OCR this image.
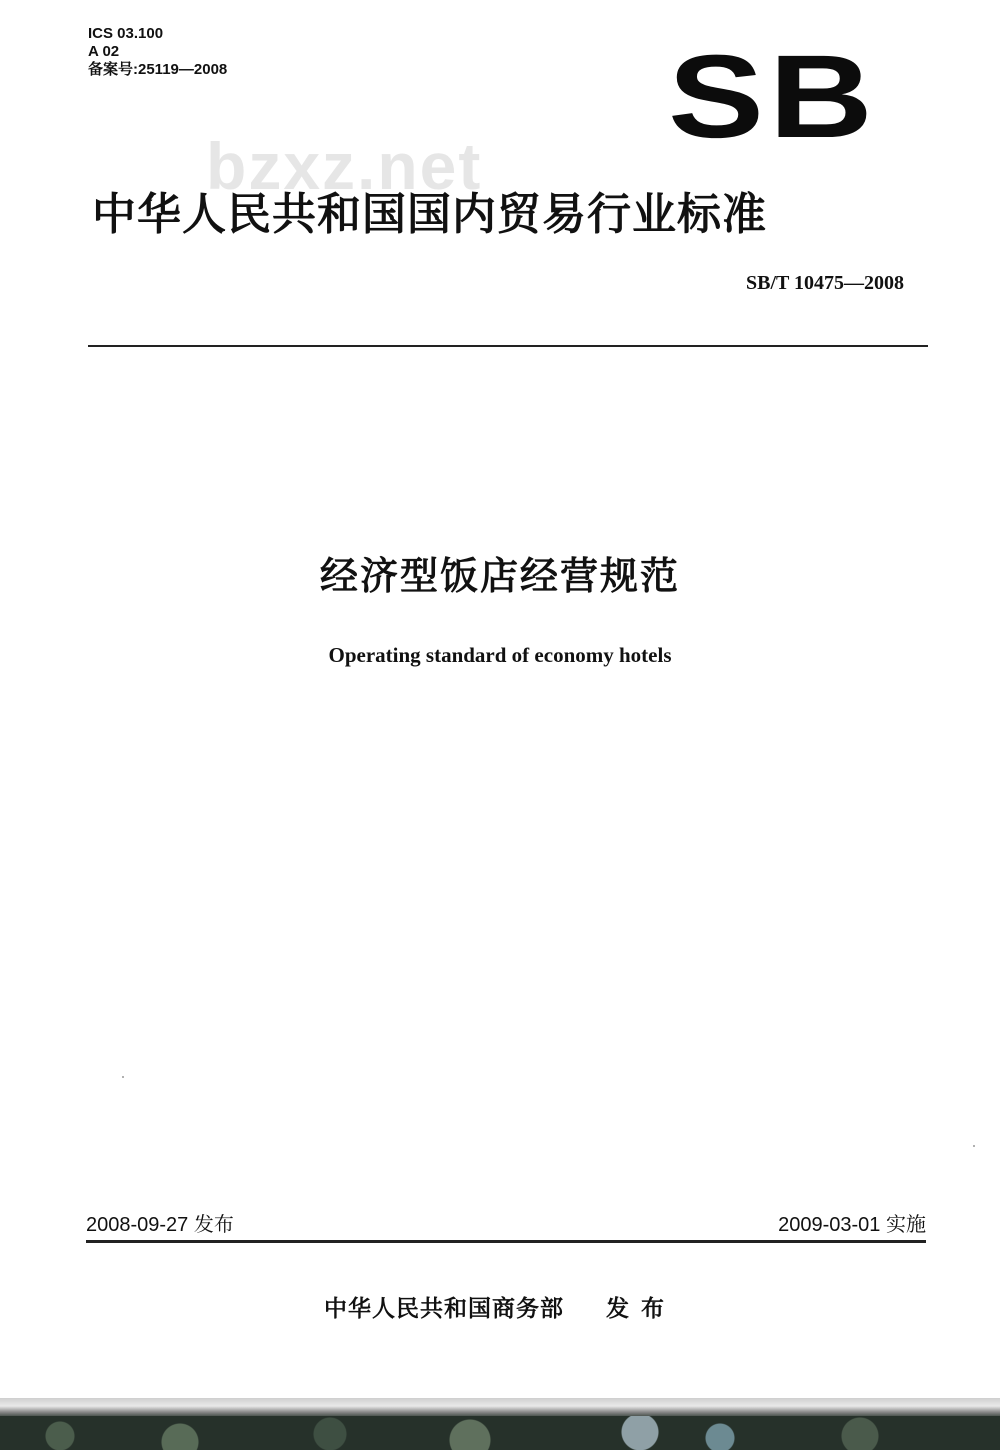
ICS 03.100
A 02
备案号:25119—2008	SB
bzxz.net
中华人民共和国国内贸易行业标准
SB/T 10475—2008
经济型饭店经营规范
Operating standard of economy hotels
2008-09-27 发布	2009-03-01 实施
中华人民共和国商务部 发布
